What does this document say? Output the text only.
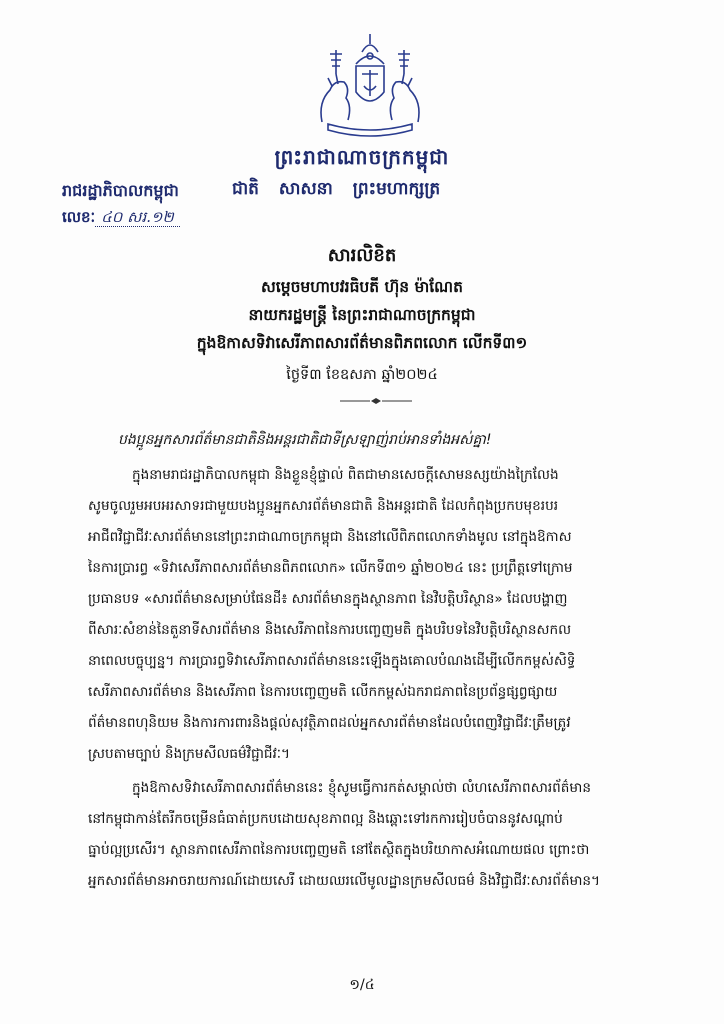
ព្រះរាជាណាចក្រកម្ពុជា
ជាតិ សាសនា ព្រះមហាក្សត្រ
រាជរដ្ឋាភិបាលកម្ពុជា
លេខៈ ៤០ សរ.១២
សារលិខិត
សម្តេចមហាបវរធិបតី ហ៊ុន ម៉ាណែត
នាយករដ្ឋមន្ត្រី នៃព្រះរាជាណាចក្រកម្ពុជា
ក្នុងឱកាសទិវាសេរីភាពសារព័ត៌មានពិភពលោក លើកទី៣១
ថ្ងៃទី៣ ខែឧសភា ឆ្នាំ២០២៤
បងប្អូនអ្នកសារព័ត៌មានជាតិនិងអន្តរជាតិជាទីស្រឡាញ់រាប់អានទាំងអស់គ្នា!
ក្នុងនាមរាជរដ្ឋាភិបាលកម្ពុជា និងខ្លួនខ្ញុំផ្ទាល់ ពិតជាមានសេចក្តីសោមនស្សយ៉ាងក្រៃលែង
សូមចូលរួមអបអរសាទរជាមួយបងប្អូនអ្នកសារព័ត៌មានជាតិ និងអន្តរជាតិ ដែលកំពុងប្រកបមុខរបរ
អាជីពវិជ្ជាជីវៈសារព័ត៌មាននៅព្រះរាជាណាចក្រកម្ពុជា និងនៅលើពិភពលោកទាំងមូល នៅក្នុងឱកាស
នៃការប្រារព្ធ «ទិវាសេរីភាពសារព័ត៌មានពិភពលោក» លើកទី៣១ ឆ្នាំ២០២៤ នេះ ប្រព្រឹត្តទៅក្រោម
ប្រធានបទ «សារព័ត៌មានសម្រាប់ផែនដី៖ សារព័ត៌មានក្នុងស្ថានភាព នៃវិបត្តិបរិស្ថាន» ដែលបង្ហាញ
ពីសារៈសំខាន់នៃតួនាទីសារព័ត៌មាន និងសេរីភាពនៃការបញ្ចេញមតិ ក្នុងបរិបទនៃវិបត្តិបរិស្ថានសកល
នាពេលបច្ចុប្បន្ន។ ការប្រារព្ធទិវាសេរីភាពសារព័ត៌មាននេះឡើងក្នុងគោលបំណងដើម្បីលើកកម្ពស់សិទ្ធិ
សេរីភាពសារព័ត៌មាន និងសេរីភាព នៃការបញ្ចេញមតិ លើកកម្ពស់ឯករាជភាពនៃប្រព័ន្ធផ្សព្វផ្សាយ
ព័ត៌មានពហុនិយម និងការការពារនិងផ្តល់សុវត្ថិភាពដល់អ្នកសារព័ត៌មានដែលបំពេញវិជ្ជាជីវៈត្រឹមត្រូវ
ស្របតាមច្បាប់ និងក្រមសីលធម៌វិជ្ជាជីវៈ។
ក្នុងឱកាសទិវាសេរីភាពសារព័ត៌មាននេះ ខ្ញុំសូមធ្វើការកត់សម្គាល់ថា លំហសេរីភាពសារព័ត៌មាន
នៅកម្ពុជាកាន់តែរីកចម្រើនធំធាត់ប្រកបដោយសុខភាពល្អ និងឆ្ពោះទៅរកការរៀបចំបាននូវសណ្តាប់
ធ្នាប់ល្អប្រសើរ។ ស្ថានភាពសេរីភាពនៃការបញ្ចេញមតិ នៅតែស្ថិតក្នុងបរិយាកាសអំណោយផល ព្រោះថា
អ្នកសារព័ត៌មានអាចរាយការណ៍ដោយសេរី ដោយឈរលើមូលដ្ឋានក្រមសីលធម៌ និងវិជ្ជាជីវៈសារព័ត៌មាន។
១/៤
